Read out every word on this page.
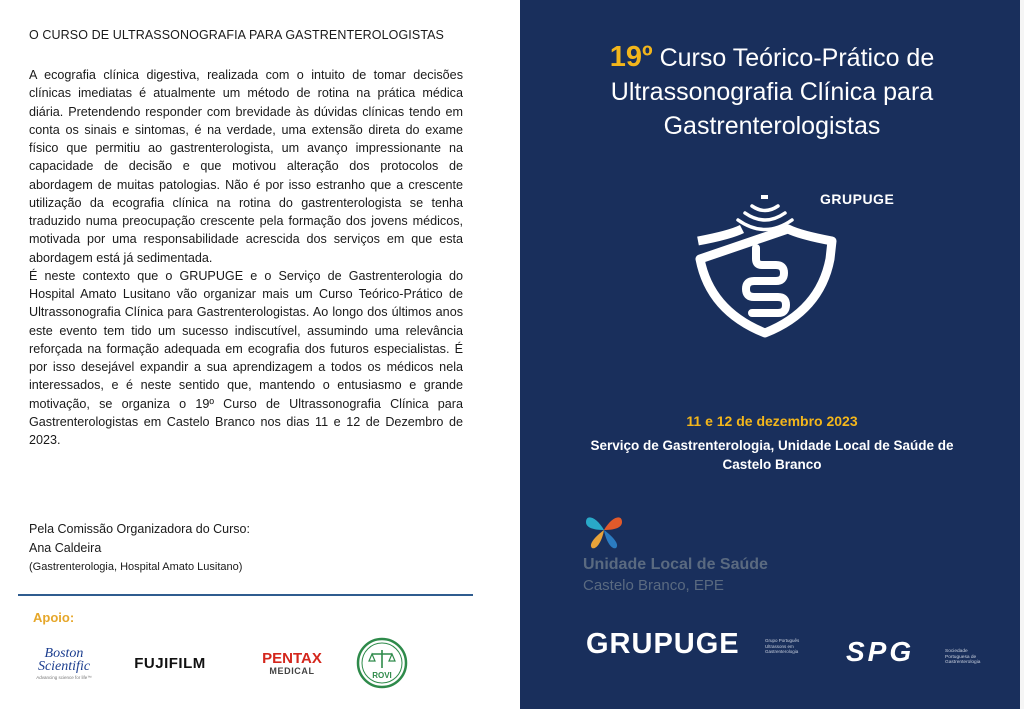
O CURSO DE ULTRASSONOGRAFIA PARA GASTRENTEROLOGISTAS

A ecografia clínica digestiva, realizada com o intuito de tomar decisões clínicas imediatas é atualmente um método de rotina na prática médica diária. Pretendendo responder com brevidade às dúvidas clínicas tendo em conta os sinais e sintomas, é na verdade, uma extensão direta do exame físico que permitiu ao gastrenterologista, um avanço impressionante na capacidade de decisão e que motivou alteração dos protocolos de abordagem de muitas patologias. Não é por isso estranho que a crescente utilização da ecografia clínica na rotina do gastrenterologista se tenha traduzido numa preocupação crescente pela formação dos jovens médicos, motivada por uma responsabilidade acrescida dos serviços em que esta abordagem está já sedimentada.

É neste contexto que o GRUPUGE e o Serviço de Gastrenterologia do Hospital Amato Lusitano vão organizar mais um Curso Teórico-Prático de Ultrassonografia Clínica para Gastrenterologistas. Ao longo dos últimos anos este evento tem tido um sucesso indiscutível, assumindo uma relevância reforçada na formação adequada em ecografia dos futuros especialistas. É por isso desejável expandir a sua aprendizagem a todos os médicos nela interessados, e é neste sentido que, mantendo o entusiasmo e grande motivação, se organiza o 19º Curso de Ultrassonografia Clínica para Gastrenterologistas em Castelo Branco nos dias 11 e 12 de Dezembro de 2023.

Pela Comissão Organizadora do Curso:
Ana Caldeira
(Gastrenterologia, Hospital Amato Lusitano)
Apoio:
Boston
Scientific
Advancing science for life™
FUJIFILM	PENTAX
MEDICAL	ROVI
19º Curso Teórico-Prático de
Ultrassonografia Clínica para
Gastrenterologistas
GRUPUGE
11 e 12 de dezembro 2023
Serviço de Gastrenterologia, Unidade Local de Saúde de
Castelo Branco
Unidade Local de Saúde
Castelo Branco, EPE
GRUPUGE	Grupo Português
Ultrassons em
Gastrenterologia SPG	Sociedade
Portuguesa de
Gastrenterologia
